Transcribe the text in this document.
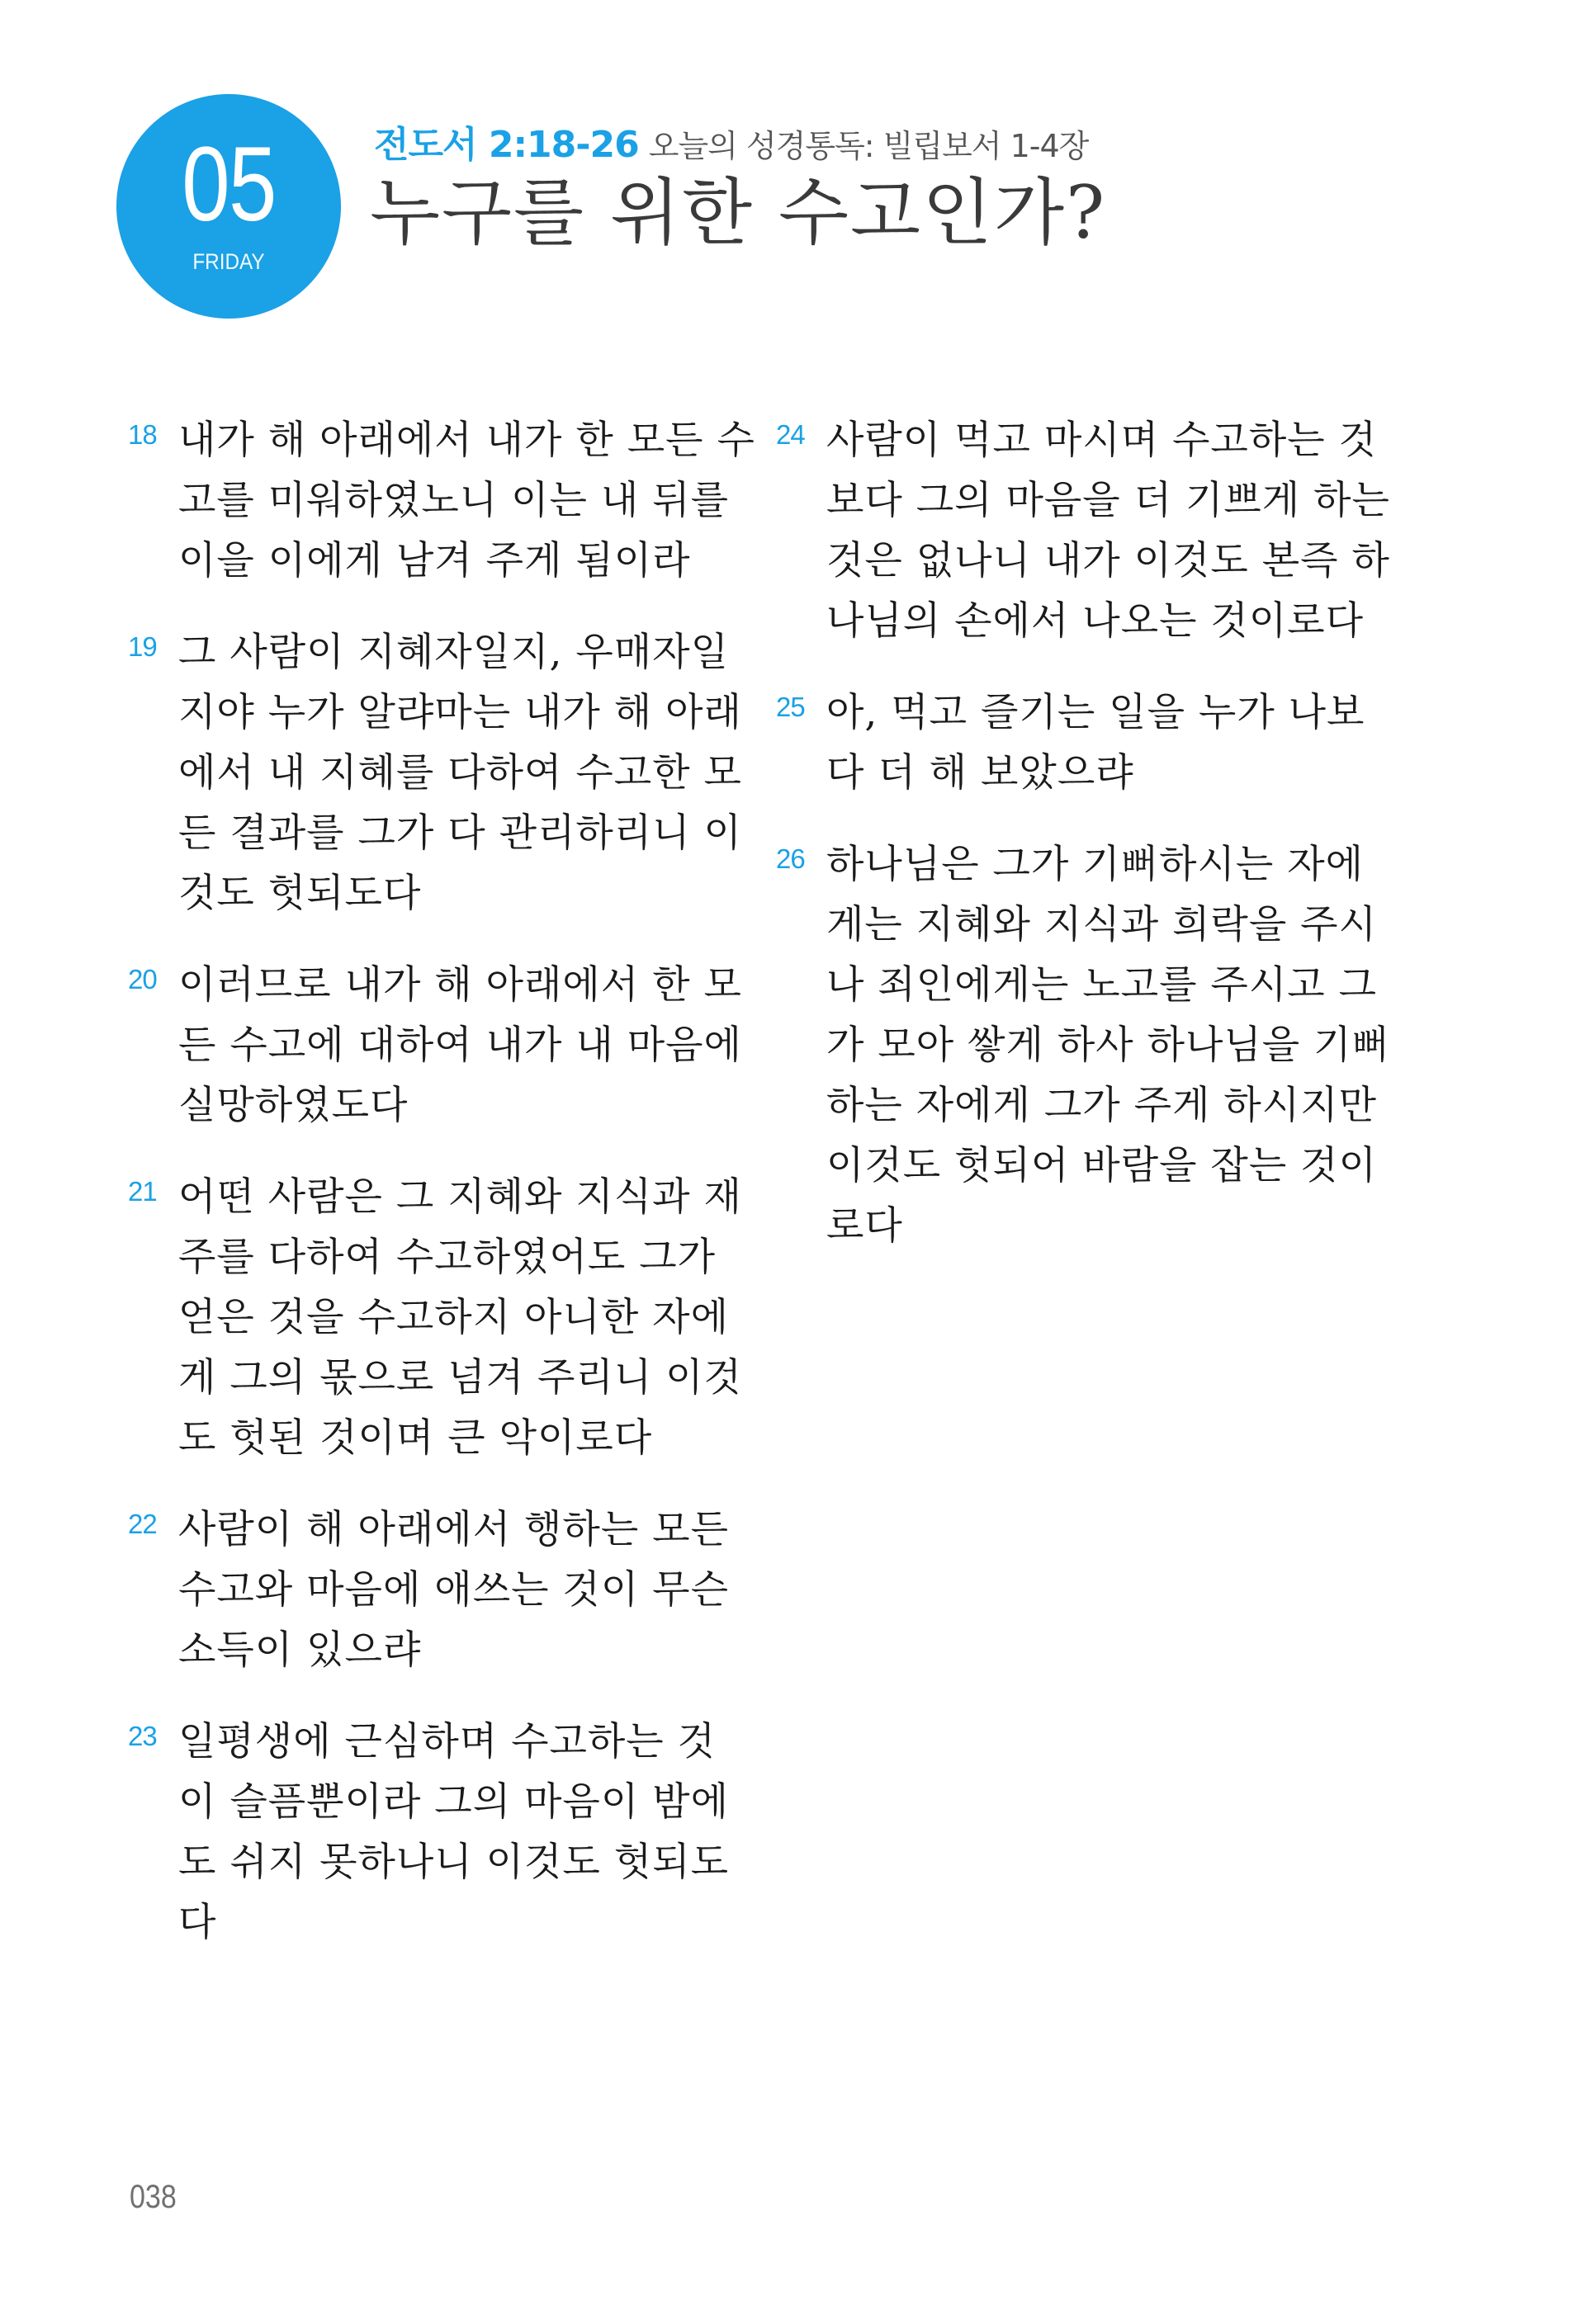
05
FRIDAY
전도서 2:18-26 오늘의 성경통독: 빌립보서 1-4장
누구를 위한 수고인가?
18 내가 해 아래에서 내가 한 모든 수
고를 미워하였노니 이는 내 뒤를
이을 이에게 남겨 주게 됨이라
19 그 사람이 지혜자일지, 우매자일
지야 누가 알랴마는 내가 해 아래
에서 내 지혜를 다하여 수고한 모
든 결과를 그가 다 관리하리니 이
것도 헛되도다
20 이러므로 내가 해 아래에서 한 모
든 수고에 대하여 내가 내 마음에
실망하였도다
21 어떤 사람은 그 지혜와 지식과 재
주를 다하여 수고하였어도 그가
얻은 것을 수고하지 아니한 자에
게 그의 몫으로 넘겨 주리니 이것
도 헛된 것이며 큰 악이로다
22 사람이 해 아래에서 행하는 모든
수고와 마음에 애쓰는 것이 무슨
소득이 있으랴
23 일평생에 근심하며 수고하는 것
이 슬픔뿐이라 그의 마음이 밤에
도 쉬지 못하나니 이것도 헛되도
다
24 사람이 먹고 마시며 수고하는 것
보다 그의 마음을 더 기쁘게 하는
것은 없나니 내가 이것도 본즉 하
나님의 손에서 나오는 것이로다
25 아, 먹고 즐기는 일을 누가 나보
다 더 해 보았으랴
26 하나님은 그가 기뻐하시는 자에
게는 지혜와 지식과 희락을 주시
나 죄인에게는 노고를 주시고 그
가 모아 쌓게 하사 하나님을 기뻐
하는 자에게 그가 주게 하시지만
이것도 헛되어 바람을 잡는 것이
로다
038
